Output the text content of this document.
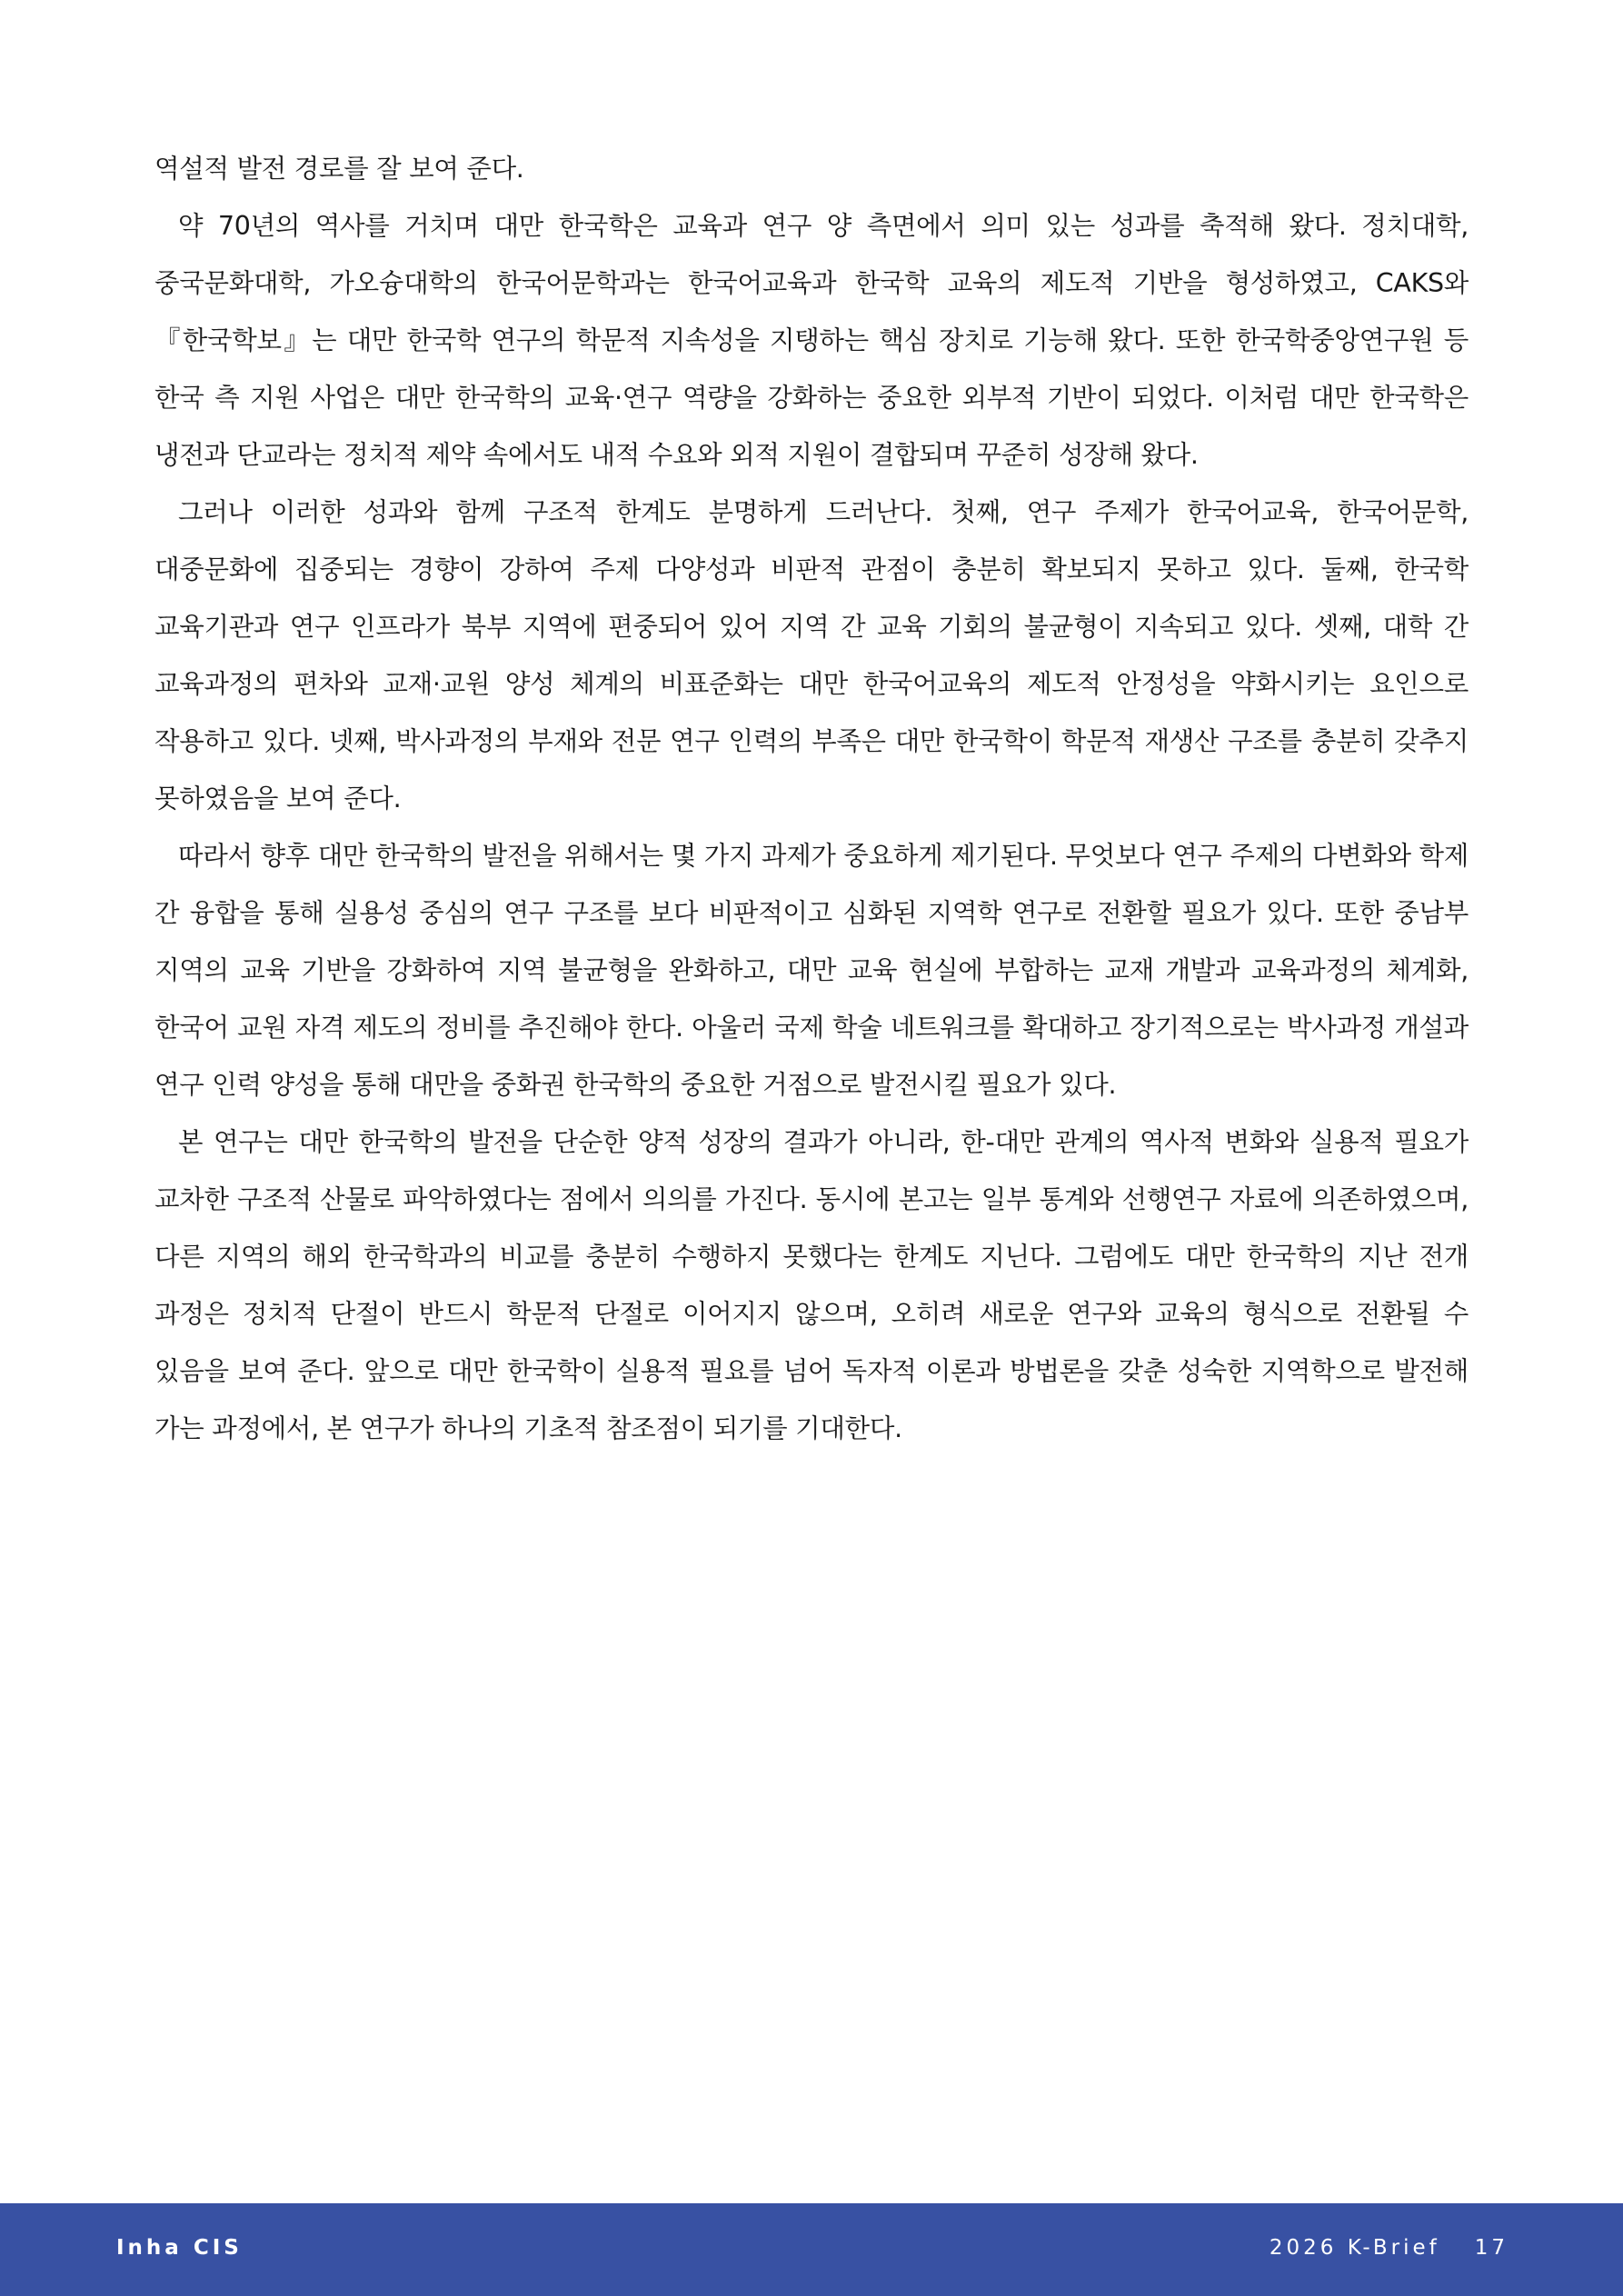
역설적 발전 경로를 잘 보여 준다.

약 70년의 역사를 거치며 대만 한국학은 교육과 연구 양 측면에서 의미 있는 성과를 축적해 왔다. 정치대학, 중국문화대학, 가오슝대학의 한국어문학과는 한국어교육과 한국학 교육의 제도적 기반을 형성하였고, CAKS와 『한국학보』는 대만 한국학 연구의 학문적 지속성을 지탱하는 핵심 장치로 기능해 왔다. 또한 한국학중앙연구원 등 한국 측 지원 사업은 대만 한국학의 교육·연구 역량을 강화하는 중요한 외부적 기반이 되었다. 이처럼 대만 한국학은 냉전과 단교라는 정치적 제약 속에서도 내적 수요와 외적 지원이 결합되며 꾸준히 성장해 왔다.

그러나 이러한 성과와 함께 구조적 한계도 분명하게 드러난다. 첫째, 연구 주제가 한국어교육, 한국어문학, 대중문화에 집중되는 경향이 강하여 주제 다양성과 비판적 관점이 충분히 확보되지 못하고 있다. 둘째, 한국학 교육기관과 연구 인프라가 북부 지역에 편중되어 있어 지역 간 교육 기회의 불균형이 지속되고 있다. 셋째, 대학 간 교육과정의 편차와 교재·교원 양성 체계의 비표준화는 대만 한국어교육의 제도적 안정성을 약화시키는 요인으로 작용하고 있다. 넷째, 박사과정의 부재와 전문 연구 인력의 부족은 대만 한국학이 학문적 재생산 구조를 충분히 갖추지 못하였음을 보여 준다.

따라서 향후 대만 한국학의 발전을 위해서는 몇 가지 과제가 중요하게 제기된다. 무엇보다 연구 주제의 다변화와 학제 간 융합을 통해 실용성 중심의 연구 구조를 보다 비판적이고 심화된 지역학 연구로 전환할 필요가 있다. 또한 중남부 지역의 교육 기반을 강화하여 지역 불균형을 완화하고, 대만 교육 현실에 부합하는 교재 개발과 교육과정의 체계화, 한국어 교원 자격 제도의 정비를 추진해야 한다. 아울러 국제 학술 네트워크를 확대하고 장기적으로는 박사과정 개설과 연구 인력 양성을 통해 대만을 중화권 한국학의 중요한 거점으로 발전시킬 필요가 있다.

본 연구는 대만 한국학의 발전을 단순한 양적 성장의 결과가 아니라, 한-대만 관계의 역사적 변화와 실용적 필요가 교차한 구조적 산물로 파악하였다는 점에서 의의를 가진다. 동시에 본고는 일부 통계와 선행연구 자료에 의존하였으며, 다른 지역의 해외 한국학과의 비교를 충분히 수행하지 못했다는 한계도 지닌다. 그럼에도 대만 한국학의 지난 전개 과정은 정치적 단절이 반드시 학문적 단절로 이어지지 않으며, 오히려 새로운 연구와 교육의 형식으로 전환될 수 있음을 보여 준다. 앞으로 대만 한국학이 실용적 필요를 넘어 독자적 이론과 방법론을 갖춘 성숙한 지역학으로 발전해 가는 과정에서, 본 연구가 하나의 기초적 참조점이 되기를 기대한다.

Inha CIS	2026 K-Brief 17
